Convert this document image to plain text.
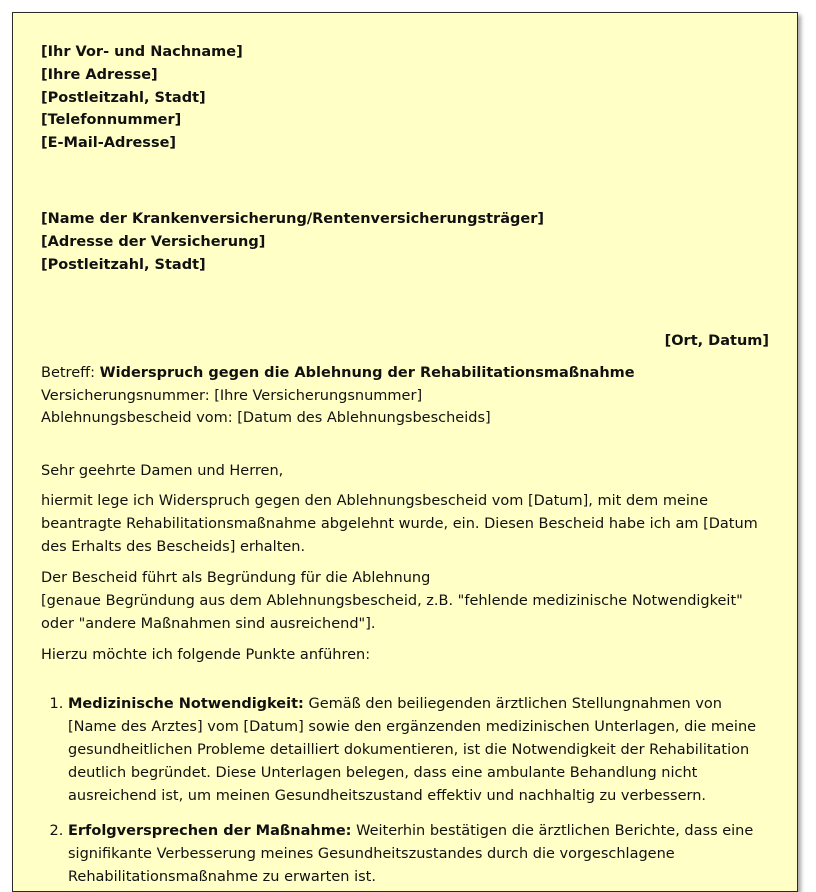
[Ihr Vor- und Nachname]
[Ihre Adresse]
[Postleitzahl, Stadt]
[Telefonnummer]
[E-Mail-Adresse]
[Name der Krankenversicherung/Rentenversicherungsträger]
[Adresse der Versicherung]
[Postleitzahl, Stadt]
[Ort, Datum]
Betreff: Widerspruch gegen die Ablehnung der Rehabilitationsmaßnahme
Versicherungsnummer: [Ihre Versicherungsnummer]
Ablehnungsbescheid vom: [Datum des Ablehnungsbescheids]
Sehr geehrte Damen und Herren,

hiermit lege ich Widerspruch gegen den Ablehnungsbescheid vom [Datum], mit dem meine beantragte Rehabilitationsmaßnahme abgelehnt wurde, ein. Diesen Bescheid habe ich am [Datum des Erhalts des Bescheids] erhalten.

Der Bescheid führt als Begründung für die Ablehnung
[genaue Begründung aus dem Ablehnungsbescheid, z.B. "fehlende medizinische Notwendigkeit" oder "andere Maßnahmen sind ausreichend"].

Hierzu möchte ich folgende Punkte anführen:

1. Medizinische Notwendigkeit: Gemäß den beiliegenden ärztlichen Stellungnahmen von [Name des Arztes] vom [Datum] sowie den ergänzenden medizinischen Unterlagen, die meine gesundheitlichen Probleme detailliert dokumentieren, ist die Notwendigkeit der Rehabilitation deutlich begründet. Diese Unterlagen belegen, dass eine ambulante Behandlung nicht ausreichend ist, um meinen Gesundheitszustand effektiv und nachhaltig zu verbessern.
2. Erfolgversprechen der Maßnahme: Weiterhin bestätigen die ärztlichen Berichte, dass eine signifikante Verbesserung meines Gesundheitszustandes durch die vorgeschlagene Rehabilitationsmaßnahme zu erwarten ist.
